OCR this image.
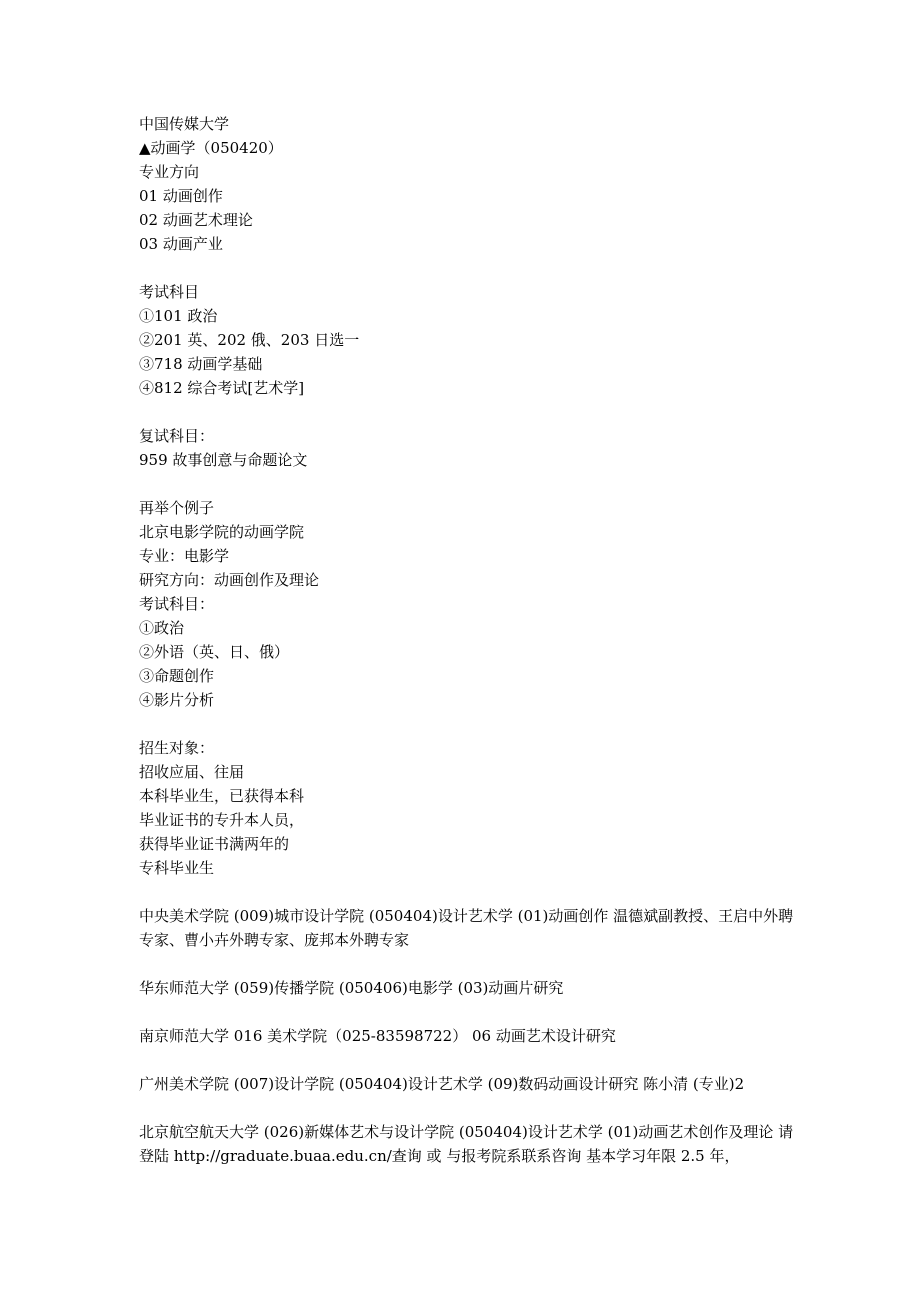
中国传媒大学
▲动画学（050420）
专业方向
01 动画创作
02 动画艺术理论
03 动画产业
考试科目
①101 政治
②201 英、202 俄、203 日选一
③718 动画学基础
④812 综合考试[艺术学]
复试科目：
959 故事创意与命题论文
再举个例子
北京电影学院的动画学院
专业：电影学
研究方向：动画创作及理论
考试科目：
①政治
②外语（英、日、俄）
③命题创作
④影片分析
招生对象：
招收应届、往届
本科毕业生，已获得本科
毕业证书的专升本人员，
获得毕业证书满两年的
专科毕业生
中央美术学院 (009)城市设计学院 (050404)设计艺术学 (01)动画创作 温德斌副教授、王启中外聘专家、曹小卉外聘专家、庞邦本外聘专家
华东师范大学 (059)传播学院 (050406)电影学 (03)动画片研究
南京师范大学 016 美术学院（025-83598722） 06 动画艺术设计研究
广州美术学院 (007)设计学院 (050404)设计艺术学 (09)数码动画设计研究 陈小清 (专业)2
北京航空航天大学 (026)新媒体艺术与设计学院 (050404)设计艺术学 (01)动画艺术创作及理论 请登陆 http://graduate.buaa.edu.cn/查询 或 与报考院系联系咨询 基本学习年限 2.5 年，
